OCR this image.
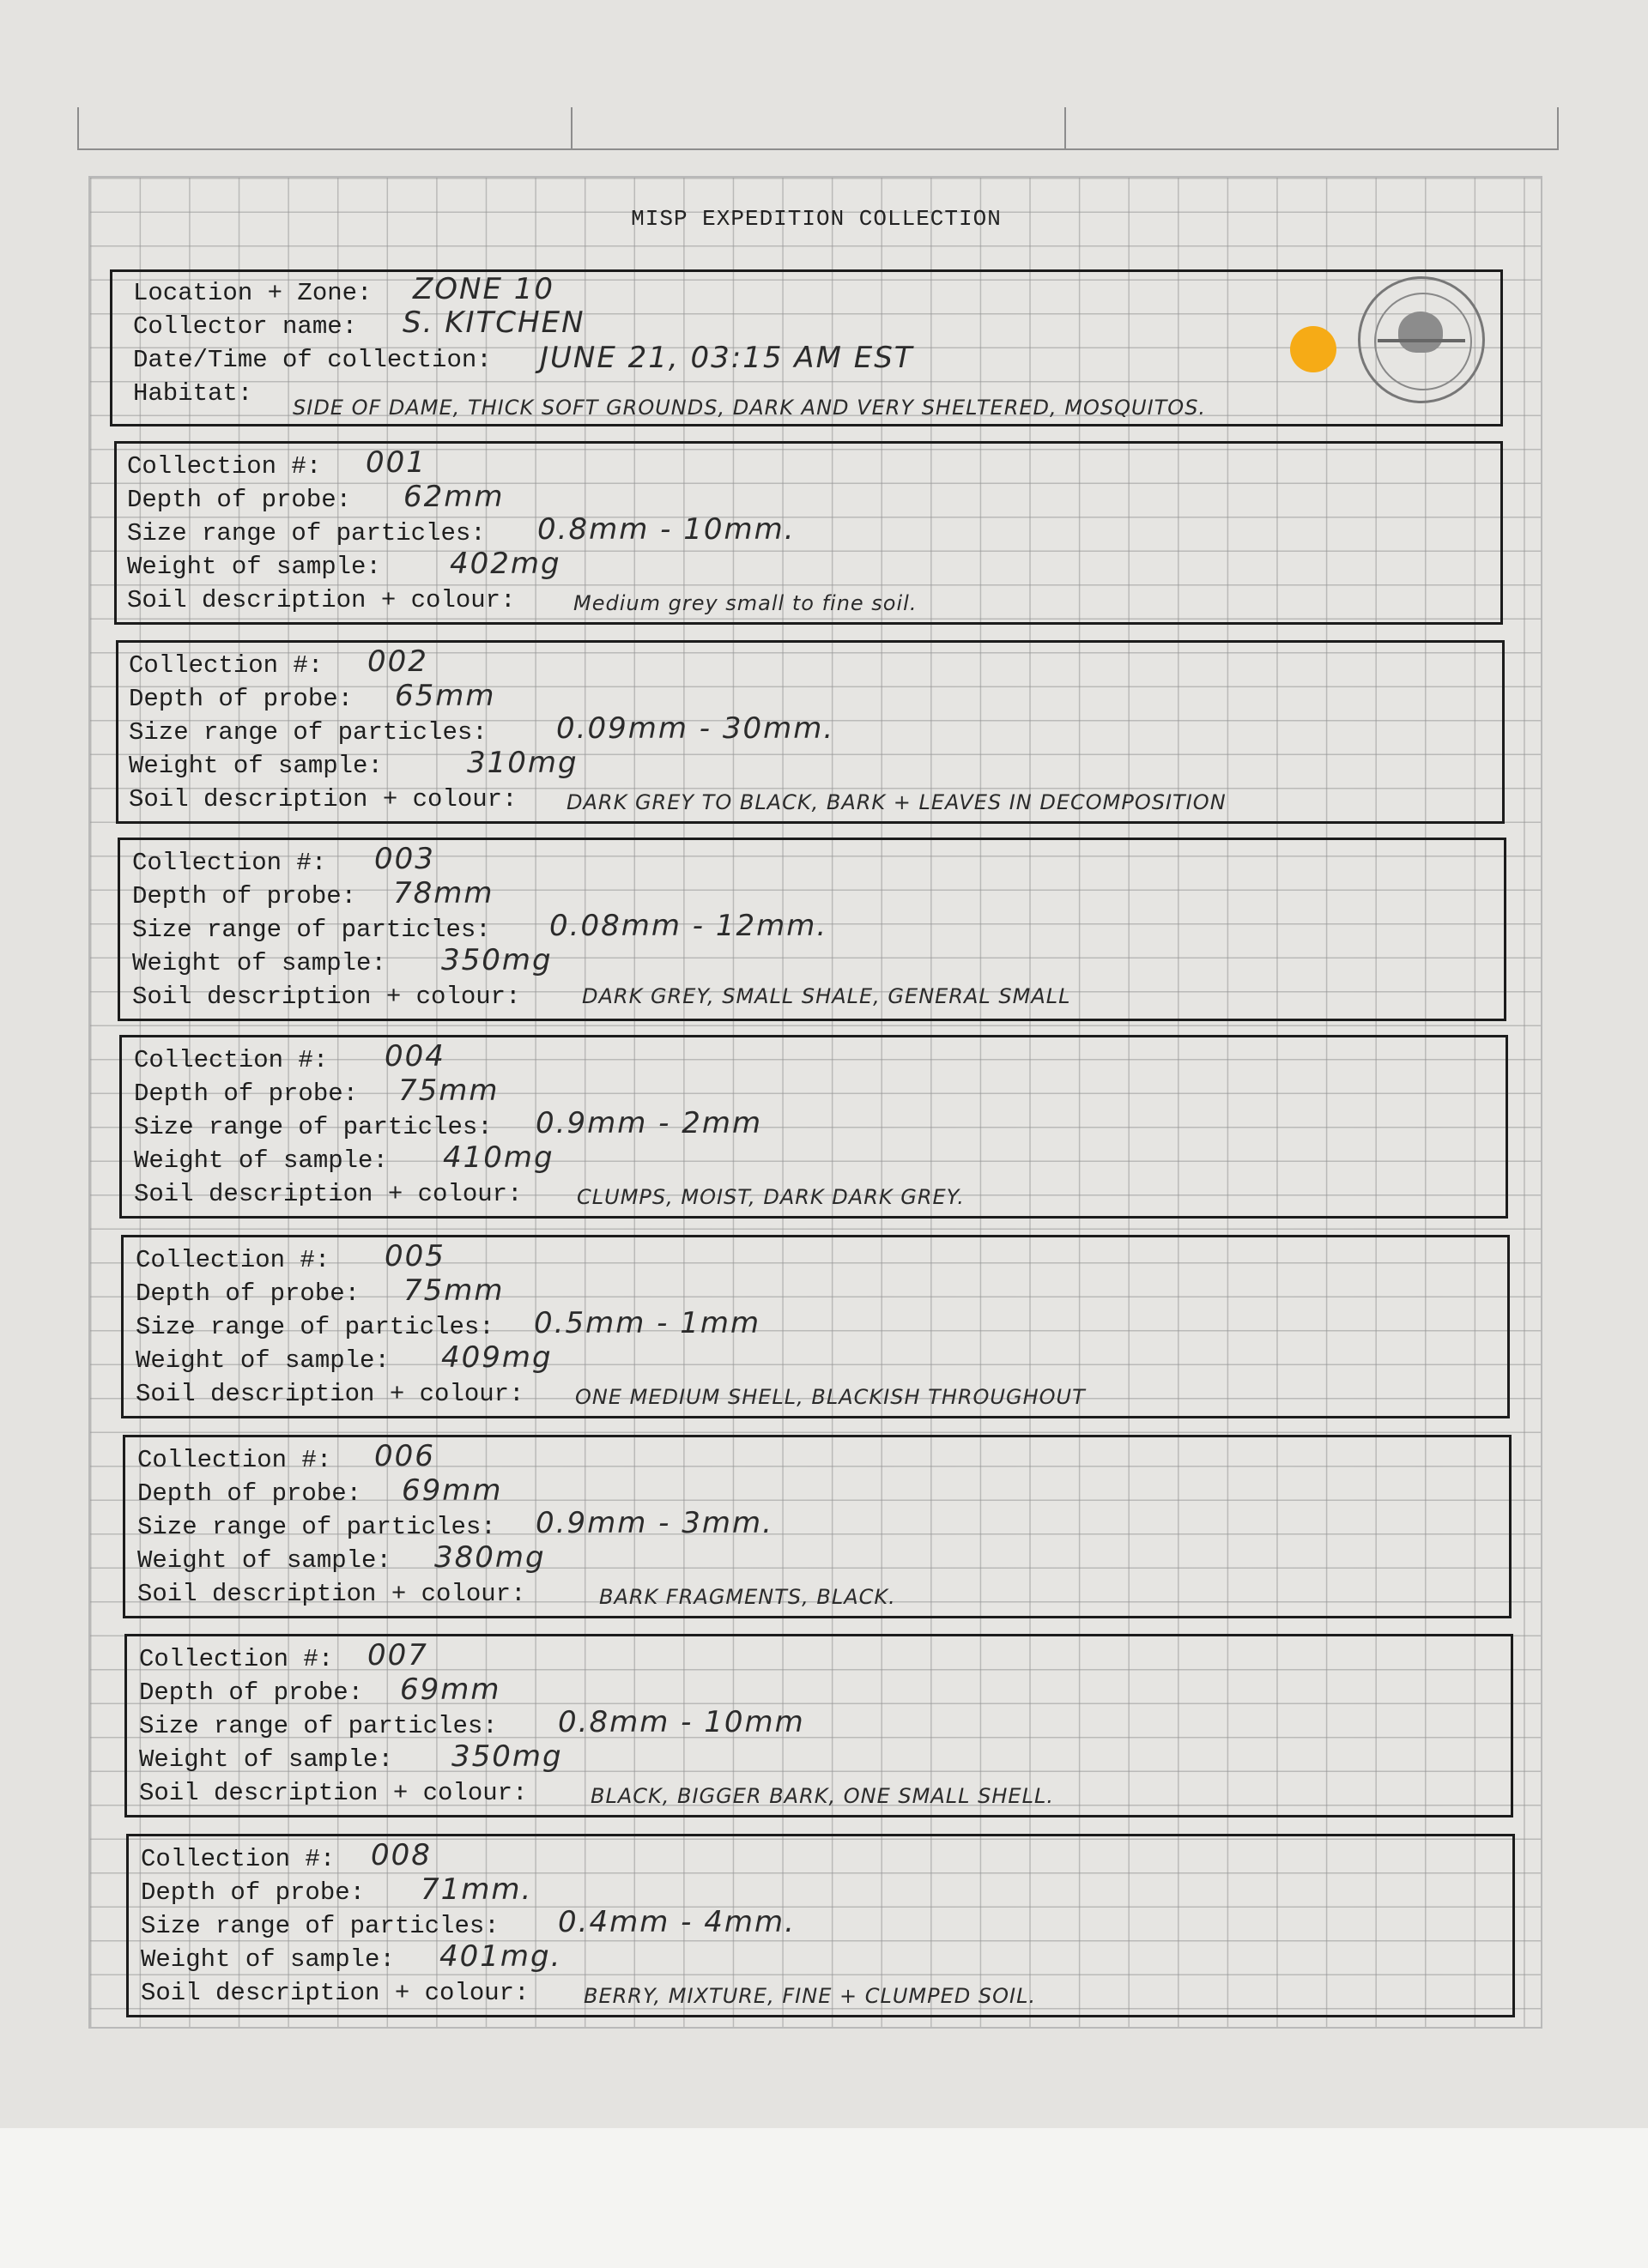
MISP EXPEDITION COLLECTION
Location + Zone: ZONE 10
Collector name: S. KITCHEN
Date/Time of collection: JUNE 21, 03:15 AM EST
Habitat: SIDE OF DAME, THICK SOFT GROUNDS, DARK AND VERY SHELTERED, MOSQUITOS.
Collection #: 001
Depth of probe: 62mm
Size range of particles: 0.8mm - 10mm.
Weight of sample: 402mg
Soil description + colour:	Medium grey small to fine soil.
Collection #: 002
Depth of probe: 65mm
Size range of particles: 0.09mm - 30mm.
Weight of sample:	310mg
Soil description + colour: DARK GREY TO BLACK, BARK + LEAVES IN DECOMPOSITION
Collection #: 003
Depth of probe: 78mm
Size range of particles: 0.08mm - 12mm.
Weight of sample: 350mg
Soil description + colour:	DARK GREY, SMALL SHALE, GENERAL SMALL
Collection #: 004
Depth of probe: 75mm
Size range of particles: 0.9mm - 2mm
Weight of sample: 410mg
Soil description + colour:	CLUMPS, MOIST, DARK DARK GREY.
Collection #: 005
Depth of probe: 75mm
Size range of particles: 0.5mm - 1mm
Weight of sample: 409mg
Soil description + colour: ONE MEDIUM SHELL, BLACKISH THROUGHOUT
Collection #: 006
Depth of probe: 69mm
Size range of particles: 0.9mm - 3mm.
Weight of sample: 380mg
Soil description + colour:	BARK FRAGMENTS, BLACK.
Collection #: 007
Depth of probe: 69mm
Size range of particles: 0.8mm - 10mm
Weight of sample: 350mg
Soil description + colour:	BLACK, BIGGER BARK, ONE SMALL SHELL.
Collection #: 008
Depth of probe: 71mm.
Size range of particles: 0.4mm - 4mm.
Weight of sample: 401mg.
Soil description + colour:	BERRY, MIXTURE, FINE + CLUMPED SOIL.
